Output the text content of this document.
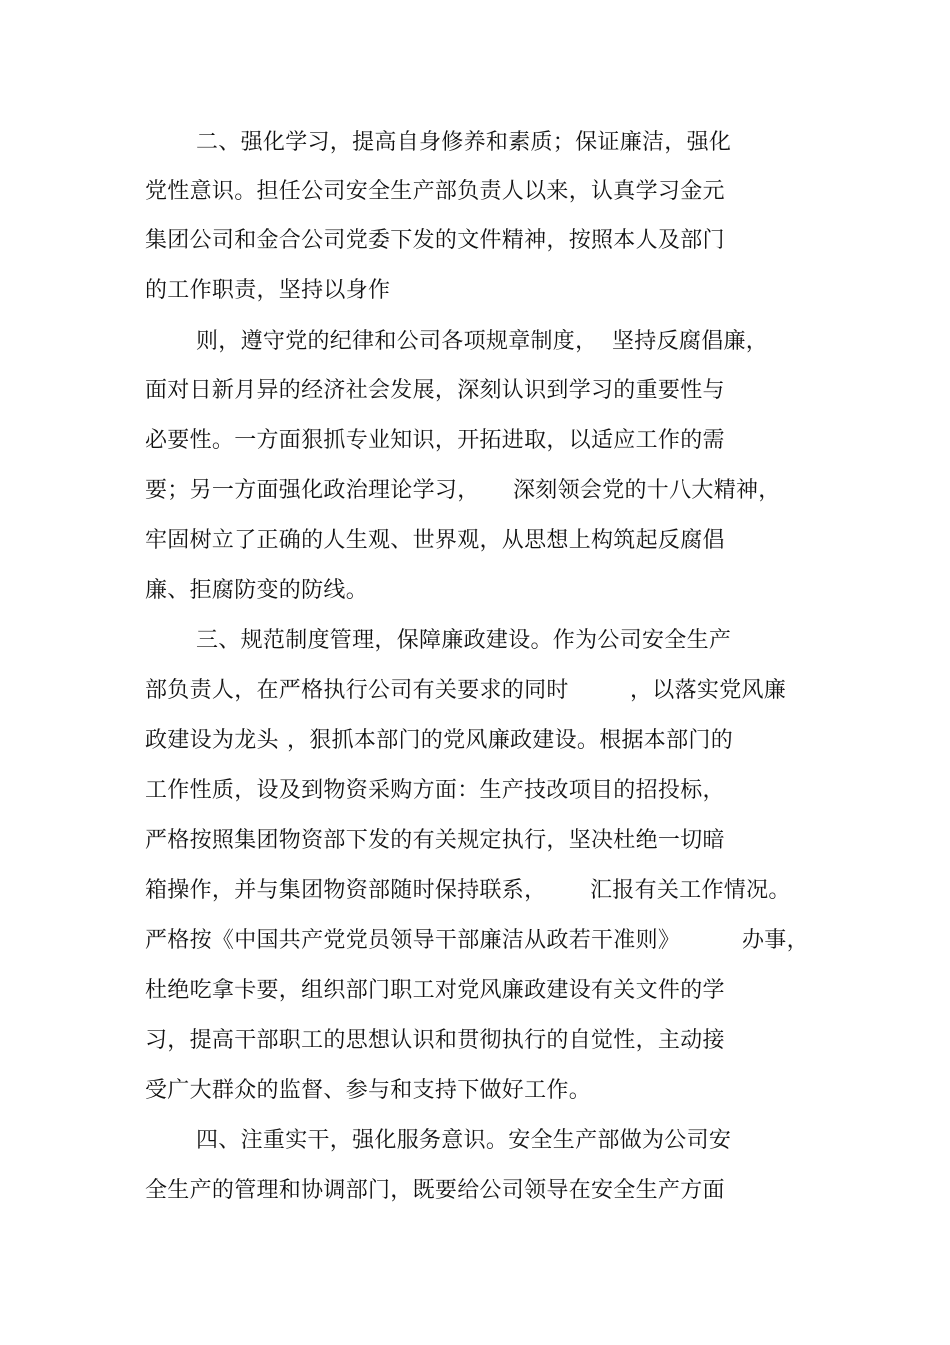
二、强化学习，提高自身修养和素质；保证廉洁，强化
党性意识。担任公司安全生产部负责人以来，认真学习金元
集团公司和金合公司党委下发的文件精神，按照本人及部门
的工作职责，坚持以身作
则，遵守党的纪律和公司各项规章制度， 坚持反腐倡廉，
面对日新月异的经济社会发展，深刻认识到学习的重要性与
必要性。一方面狠抓专业知识，开拓进取，以适应工作的需
要；另一方面强化政治理论学习， 深刻领会党的十八大精神，
牢固树立了正确的人生观、世界观，从思想上构筑起反腐倡
廉、拒腐防变的防线。
三、规范制度管理，保障廉政建设。作为公司安全生产
部负责人，在严格执行公司有关要求的同时	，以落实党风廉
政建设为龙头 ，狠抓本部门的党风廉政建设。根据本部门的
工作性质，设及到物资采购方面：生产技改项目的招投标，
严格按照集团物资部下发的有关规定执行，坚决杜绝一切暗
箱操作，并与集团物资部随时保持联系， 汇报有关工作情况。
严格按《中国共产党党员领导干部廉洁从政若干准则》	办事，
杜绝吃拿卡要，组织部门职工对党风廉政建设有关文件的学
习，提高干部职工的思想认识和贯彻执行的自觉性，主动接
受广大群众的监督、参与和支持下做好工作。
四、注重实干，强化服务意识。安全生产部做为公司安
全生产的管理和协调部门，既要给公司领导在安全生产方面
